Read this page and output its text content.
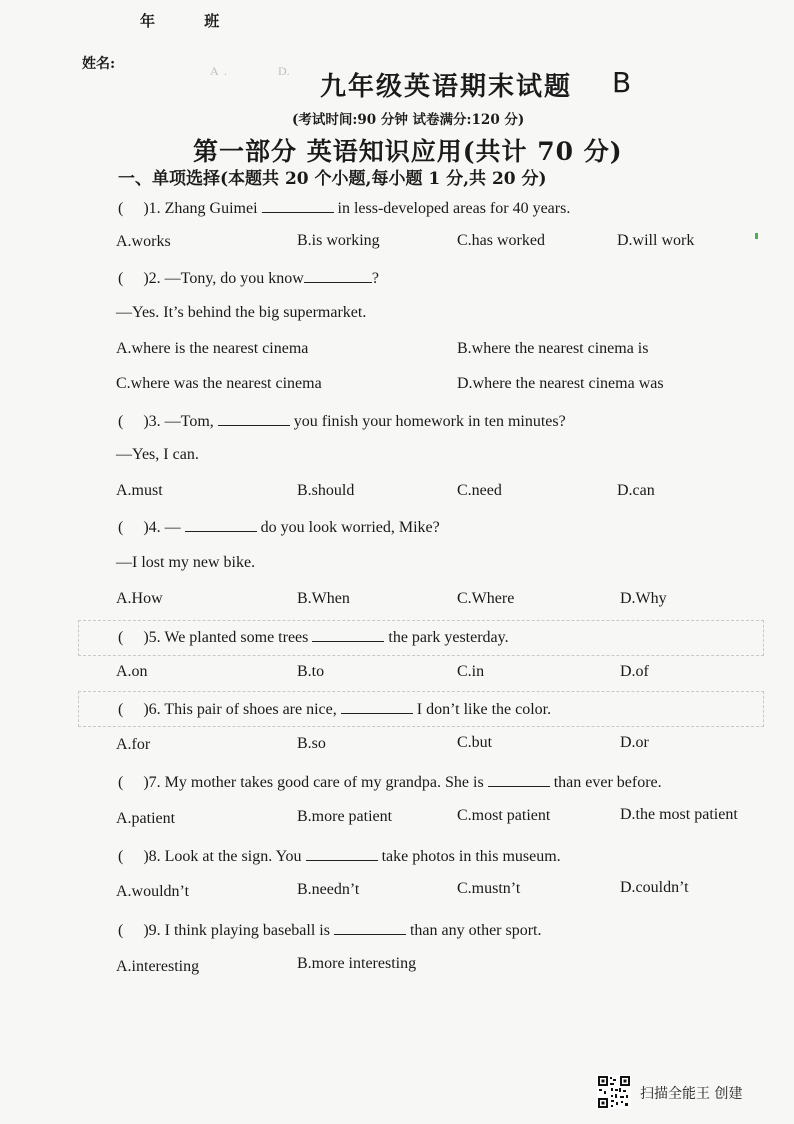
A  .                 D.

年 班
姓名:
九年级英语期末试题 B
(考试时间:90 分钟 试卷满分:120 分)
第一部分 英语知识应用(共计 70 分)
一、单项选择(本题共 20 个小题,每小题 1 分,共 20 分)
( )1. Zhang Guimei	in less-developed areas for 40 years.
A.works	B.is working	C.has worked	D.will work
( )2. —Tony, do you know	?
—Yes. It’s behind the big supermarket.
A.where is the nearest cinema	B.where the nearest cinema is
C.where was the nearest cinema	D.where the nearest cinema was
( )3. —Tom,	you finish your homework in ten minutes?
—Yes, I can.
A.must	B.should	C.need	D.can
( )4. —	do you look worried, Mike?
—I lost my new bike.
A.How	B.When	C.Where	D.Why
( )5. We planted some trees	the park yesterday.
A.on	B.to	C.in	D.of
( )6. This pair of shoes are nice,	I don’t like the color.
A.for	B.so	C.but	D.or
( )7. My mother takes good care of my grandpa. She is	than ever before.
A.patient	B.more patient	C.most patient	D.the most patient
( )8. Look at the sign. You	take photos in this museum.
A.wouldn’t	B.needn’t	C.mustn’t	D.couldn’t
( )9. I think playing baseball is	than any other sport.
A.interesting	B.more interesting
扫描全能王 创建
